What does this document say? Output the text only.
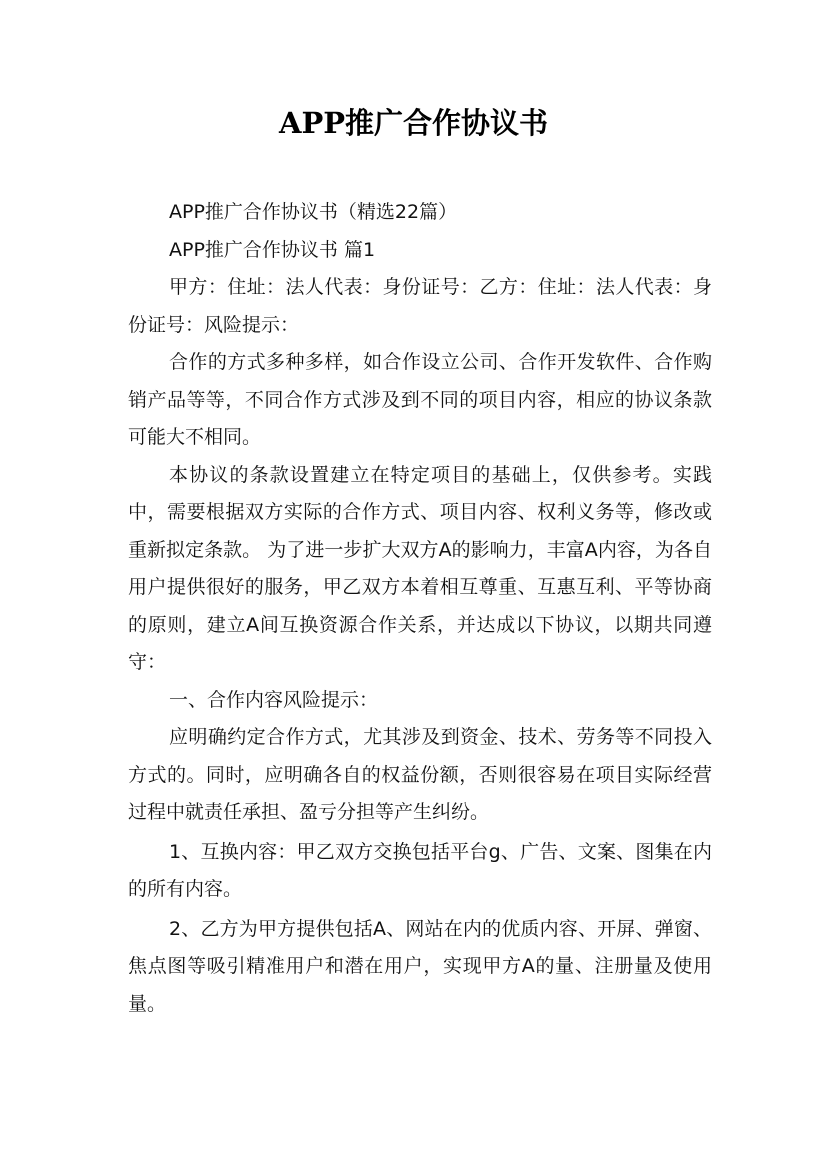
APP推广合作协议书

APP推广合作协议书（精选22篇）

APP推广合作协议书 篇1

甲方：住址：法人代表：身份证号：乙方：住址：法人代表：身份证号：风险提示：

合作的方式多种多样，如合作设立公司、合作开发软件、合作购销产品等等，不同合作方式涉及到不同的项目内容，相应的协议条款可能大不相同。

本协议的条款设置建立在特定项目的基础上，仅供参考。实践中，需要根据双方实际的合作方式、项目内容、权利义务等，修改或重新拟定条款。 为了进一步扩大双方A的影响力，丰富A内容，为各自用户提供很好的服务，甲乙双方本着相互尊重、互惠互利、平等协商的原则，建立A间互换资源合作关系，并达成以下协议，以期共同遵守：

一、合作内容风险提示：

应明确约定合作方式，尤其涉及到资金、技术、劳务等不同投入方式的。同时，应明确各自的权益份额，否则很容易在项目实际经营过程中就责任承担、盈亏分担等产生纠纷。

1、互换内容：甲乙双方交换包括平台g、广告、文案、图集在内的所有内容。

2、乙方为甲方提供包括A、网站在内的优质内容、开屏、弹窗、焦点图等吸引精准用户和潜在用户，实现甲方A的量、注册量及使用量。
